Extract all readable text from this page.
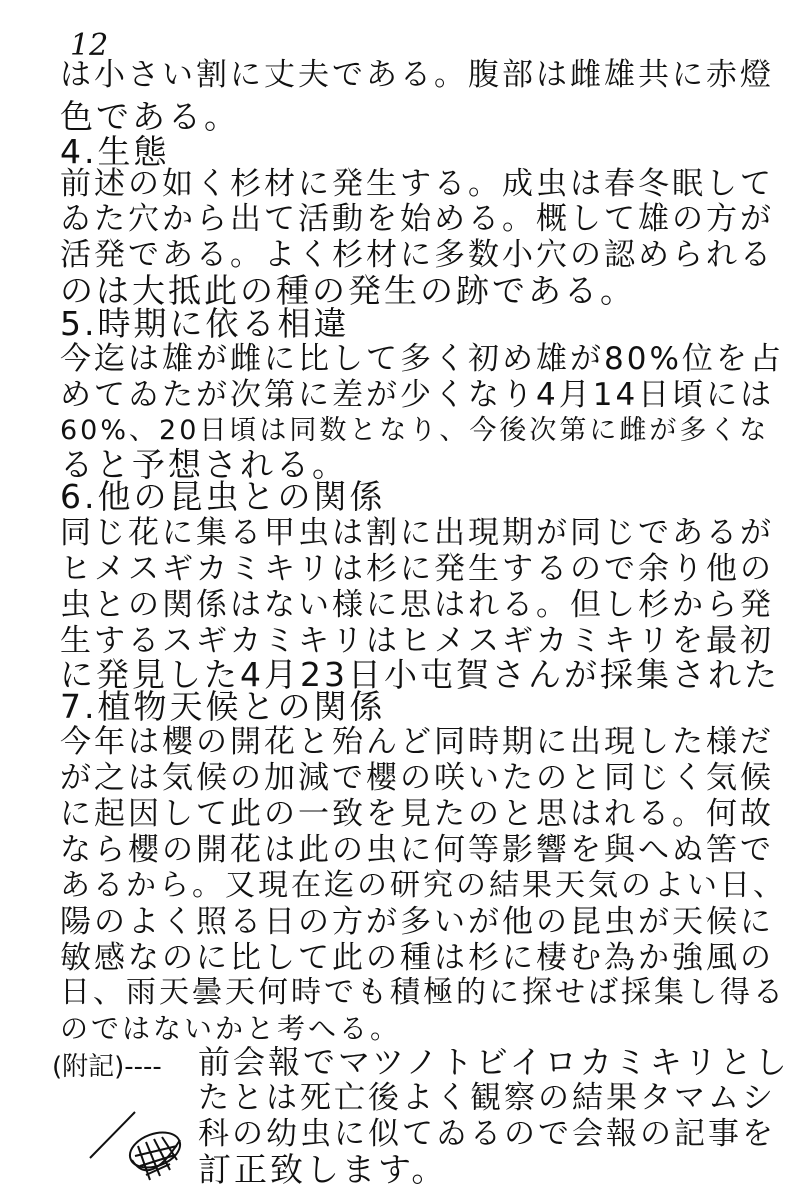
12
は小さい割に丈夫である。腹部は雌雄共に赤燈
色である。
4.生態
前述の如く杉材に発生する。成虫は春冬眠して
ゐた穴から出て活動を始める。概して雄の方が
活発である。よく杉材に多数小穴の認められる
のは大抵此の種の発生の跡である。
5.時期に依る相違
今迄は雄が雌に比して多く初め雄が80%位を占
めてゐたが次第に差が少くなり4月14日頃には
60%、20日頃は同数となり、今後次第に雌が多くな
ると予想される。
6.他の昆虫との関係
同じ花に集る甲虫は割に出現期が同じであるが
ヒメスギカミキリは杉に発生するので余り他の
虫との関係はない様に思はれる。但し杉から発
生するスギカミキリはヒメスギカミキリを最初
に発見した4月23日小屯賀さんが採集された
7.植物天候との関係
今年は櫻の開花と殆んど同時期に出現した様だ
が之は気候の加減で櫻の咲いたのと同じく気候
に起因して此の一致を見たのと思はれる。何故
なら櫻の開花は此の虫に何等影響を與へぬ筈で
あるから。又現在迄の研究の結果天気のよい日、
陽のよく照る日の方が多いが他の昆虫が天候に
敏感なのに比して此の種は杉に棲む為か強風の
日、雨天曇天何時でも積極的に探せば採集し得る
のではないかと考へる。
(附記)---- 前会報でマツノトビイロカミキリとし
たとは死亡後よく観察の結果タマムシ
科の幼虫に似てゐるので会報の記事を
訂正致します。
